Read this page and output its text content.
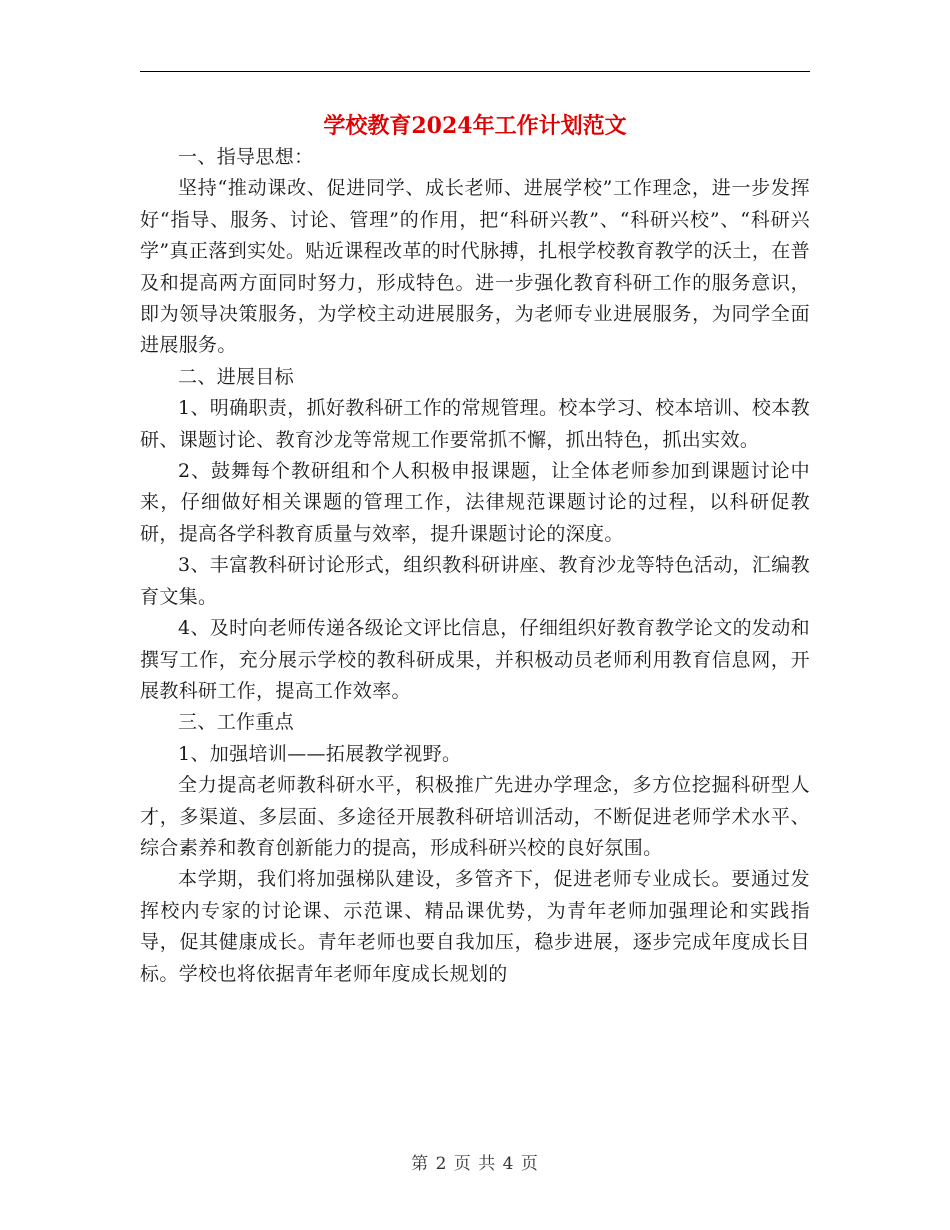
学校教育2024年工作计划范文

一、指导思想：

坚持“推动课改、促进同学、成长老师、进展学校”工作理念，进一步发挥好“指导、服务、讨论、管理”的作用，把“科研兴教”、“科研兴校”、“科研兴学”真正落到实处。贴近课程改革的时代脉搏，扎根学校教育教学的沃土，在普及和提高两方面同时努力，形成特色。进一步强化教育科研工作的服务意识，即为领导决策服务，为学校主动进展服务，为老师专业进展服务，为同学全面进展服务。

二、进展目标

1、明确职责，抓好教科研工作的常规管理。校本学习、校本培训、校本教研、课题讨论、教育沙龙等常规工作要常抓不懈，抓出特色，抓出实效。

2、鼓舞每个教研组和个人积极申报课题，让全体老师参加到课题讨论中来，仔细做好相关课题的管理工作，法律规范课题讨论的过程，以科研促教研，提高各学科教育质量与效率，提升课题讨论的深度。

3、丰富教科研讨论形式，组织教科研讲座、教育沙龙等特色活动，汇编教育文集。

4、及时向老师传递各级论文评比信息，仔细组织好教育教学论文的发动和撰写工作，充分展示学校的教科研成果，并积极动员老师利用教育信息网，开展教科研工作，提高工作效率。

三、工作重点

1、加强培训——拓展教学视野。

全力提高老师教科研水平，积极推广先进办学理念，多方位挖掘科研型人才，多渠道、多层面、多途径开展教科研培训活动，不断促进老师学术水平、综合素养和教育创新能力的提高，形成科研兴校的良好氛围。

本学期，我们将加强梯队建设，多管齐下，促进老师专业成长。要通过发挥校内专家的讨论课、示范课、精品课优势，为青年老师加强理论和实践指导，促其健康成长。青年老师也要自我加压，稳步进展，逐步完成年度成长目标。学校也将依据青年老师年度成长规划的

第 2 页 共 4 页
